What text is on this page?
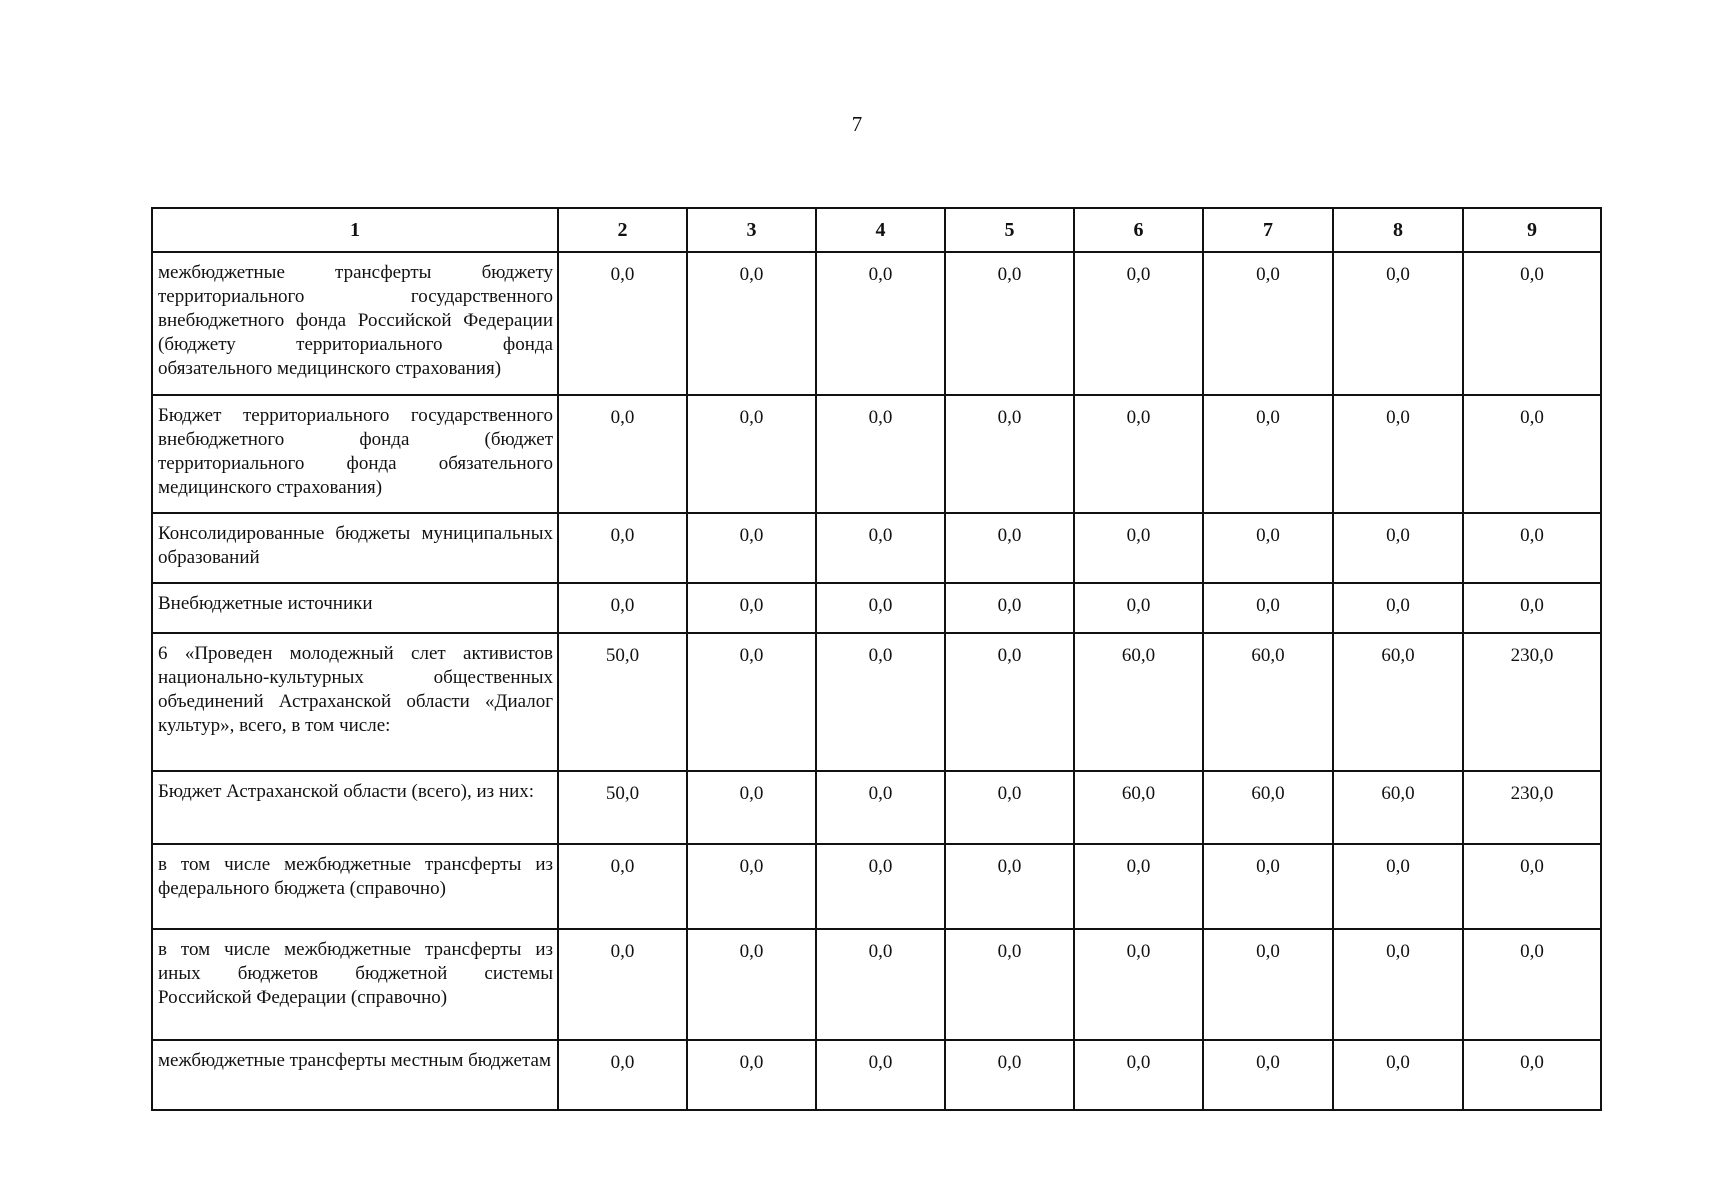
7
1	2	3	4	5	6	7	8	9
межбюджетные трансферты бюджету территориального государственного внебюджетного фонда Российской Федерации (бюджету территориального фонда обязательного медицинского страхования)	0,0	0,0	0,0	0,0	0,0	0,0	0,0	0,0
Бюджет территориального государственного внебюджетного фонда (бюджет территориального фонда обязательного медицинского страхования)	0,0	0,0	0,0	0,0	0,0	0,0	0,0	0,0
Консолидированные бюджеты муниципальных образований	0,0	0,0	0,0	0,0	0,0	0,0	0,0	0,0
Внебюджетные источники	0,0	0,0	0,0	0,0	0,0	0,0	0,0	0,0
6 «Проведен молодежный слет активистов национально-культурных общественных объединений Астраханской области «Диалог культур», всего, в том числе:	50,0	0,0	0,0	0,0	60,0	60,0	60,0	230,0
Бюджет Астраханской области (всего), из них:	50,0	0,0	0,0	0,0	60,0	60,0	60,0	230,0
в том числе межбюджетные трансферты из федерального бюджета (справочно)	0,0	0,0	0,0	0,0	0,0	0,0	0,0	0,0
в том числе межбюджетные трансферты из иных бюджетов бюджетной системы Российской Федерации (справочно)	0,0	0,0	0,0	0,0	0,0	0,0	0,0	0,0
межбюджетные трансферты местным бюджетам	0,0	0,0	0,0	0,0	0,0	0,0	0,0	0,0
